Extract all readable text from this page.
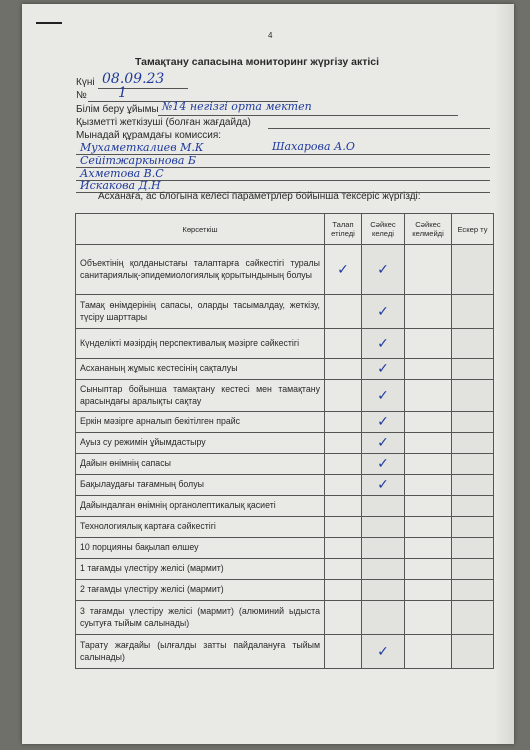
4
Тамақтану сапасына мониторинг жүргізу актісі
Күні 08.09.23
№ 1
Білім беру ұйымы №14 негізгі орта мектеп
Қызметті жеткізуші (болған жағдайда)
Мынадай құрамдағы комиссия:
Мухаметкалиев М.К	Шахарова А.О
Сейітжаркынова Б
Ахметова В.С
Искакова Д.Н
Асханаға, ас блогына келесі параметрлер бойынша тексеріс жүргізді:
Көрсеткіш	Талап етіледі	Сәйкес келеді	Сәйкес келмейді	Ескер ту
Объектінің қолданыстағы талаптарға сәйкестігі туралы санитариялық-эпидемиологиялық қорытындының болуы	✓	✓		
Тамақ өнімдерінің сапасы, оларды тасымалдау, жеткізу, түсіру шарттары		✓		
Күнделікті мәзірдің перспективалық мәзірге сәйкестігі		✓		
Асхананың жұмыс кестесінің сақталуы		✓		
Сыныптар бойынша тамақтану кестесі мен тамақтану арасындағы аралықты сақтау		✓		
Еркін мәзірге арналып бекітілген прайс		✓		
Ауыз су режимін ұйымдастыру		✓		
Дайын өнімнің сапасы		✓		
Бақылаудағы тағамның болуы		✓		
Дайындалған өнімнің органолептикалық қасиеті				
Технологиялық картаға сәйкестігі				
10 порцияны бақылап өлшеу				
1 тағамды үлестіру желісі (мармит)				
2 тағамды үлестіру желісі (мармит)				
3 тағамды үлестіру желісі (мармит) (алюминий ыдыста суытуға тыйым салынады)				
Тарату жағдайы (ылғалды затты пайдалануға тыйым салынады)		✓		
